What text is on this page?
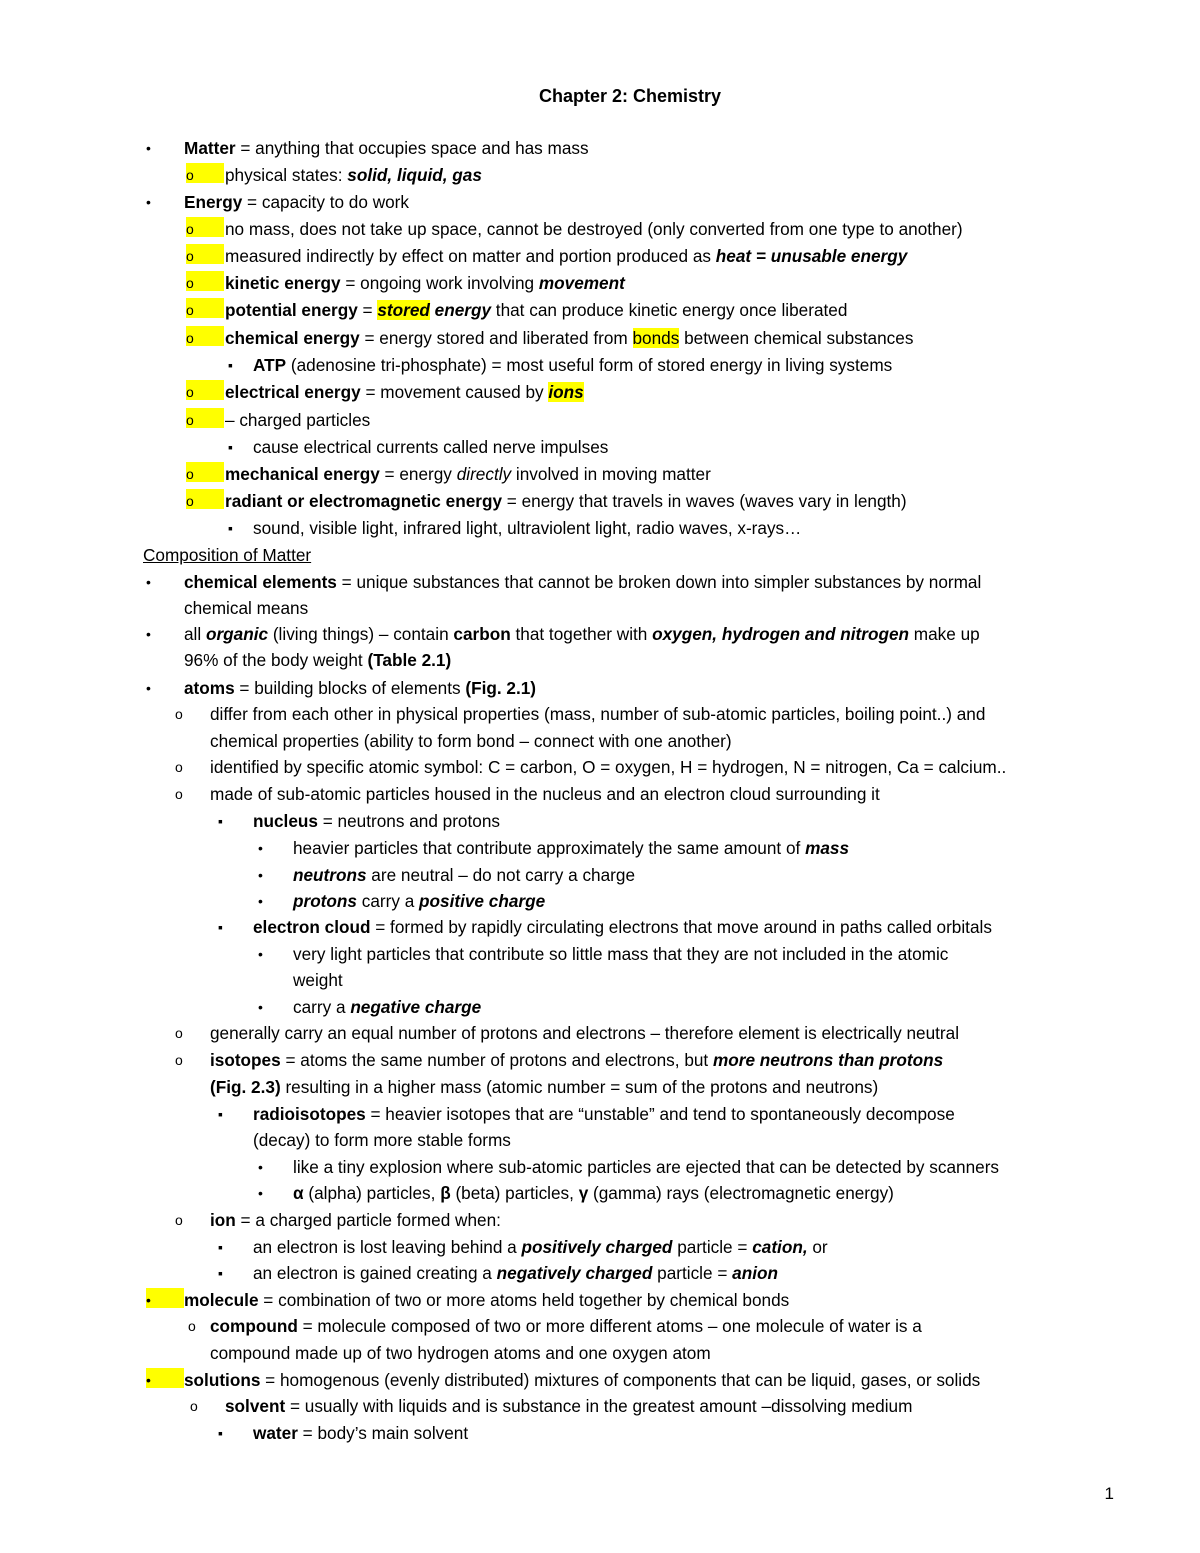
Chapter 2: Chemistry
• Matter = anything that occupies space and has mass
o	physical states: solid, liquid, gas
• Energy = capacity to do work
o	no mass, does not take up space, cannot be destroyed (only converted from one type to another)
o	measured indirectly by effect on matter and portion produced as heat = unusable energy
o	kinetic energy = ongoing work involving movement
o	potential energy = stored energy that can produce kinetic energy once liberated
o	chemical energy = energy stored and liberated from bonds between chemical substances
▪ ATP (adenosine tri-phosphate) = most useful form of stored energy in living systems
o	electrical energy = movement caused by ions
o	– charged particles
▪ cause electrical currents called nerve impulses
o	mechanical energy = energy directly involved in moving matter
o	radiant or electromagnetic energy = energy that travels in waves (waves vary in length)
▪ sound, visible light, infrared light, ultraviolent light, radio waves, x-rays…
Composition of Matter
• chemical elements = unique substances that cannot be broken down into simpler substances by normal
chemical means
• all organic (living things) – contain carbon that together with oxygen, hydrogen and nitrogen make up
96% of the body weight (Table 2.1)
• atoms = building blocks of elements (Fig. 2.1)
o differ from each other in physical properties (mass, number of sub-atomic particles, boiling point..) and
chemical properties (ability to form bond – connect with one another)
o identified by specific atomic symbol: C = carbon, O = oxygen, H = hydrogen, N = nitrogen, Ca = calcium..
o made of sub-atomic particles housed in the nucleus and an electron cloud surrounding it
▪ nucleus = neutrons and protons
• heavier particles that contribute approximately the same amount of mass
• neutrons are neutral – do not carry a charge
• protons carry a positive charge
▪ electron cloud = formed by rapidly circulating electrons that move around in paths called orbitals
• very light particles that contribute so little mass that they are not included in the atomic
weight
• carry a negative charge
o generally carry an equal number of protons and electrons – therefore element is electrically neutral
o isotopes = atoms the same number of protons and electrons, but more neutrons than protons
(Fig. 2.3) resulting in a higher mass (atomic number = sum of the protons and neutrons)
▪ radioisotopes = heavier isotopes that are “unstable” and tend to spontaneously decompose
(decay) to form more stable forms
• like a tiny explosion where sub-atomic particles are ejected that can be detected by scanners
• α (alpha) particles, β (beta) particles, γ (gamma) rays (electromagnetic energy)
o ion = a charged particle formed when:
▪ an electron is lost leaving behind a positively charged particle = cation, or
▪ an electron is gained creating a negatively charged particle = anion
•	molecule = combination of two or more atoms held together by chemical bonds
o compound = molecule composed of two or more different atoms – one molecule of water is a
compound made up of two hydrogen atoms and one oxygen atom
•	solutions = homogenous (evenly distributed) mixtures of components that can be liquid, gases, or solids
o solvent = usually with liquids and is substance in the greatest amount –dissolving medium
▪ water = body’s main solvent
1
